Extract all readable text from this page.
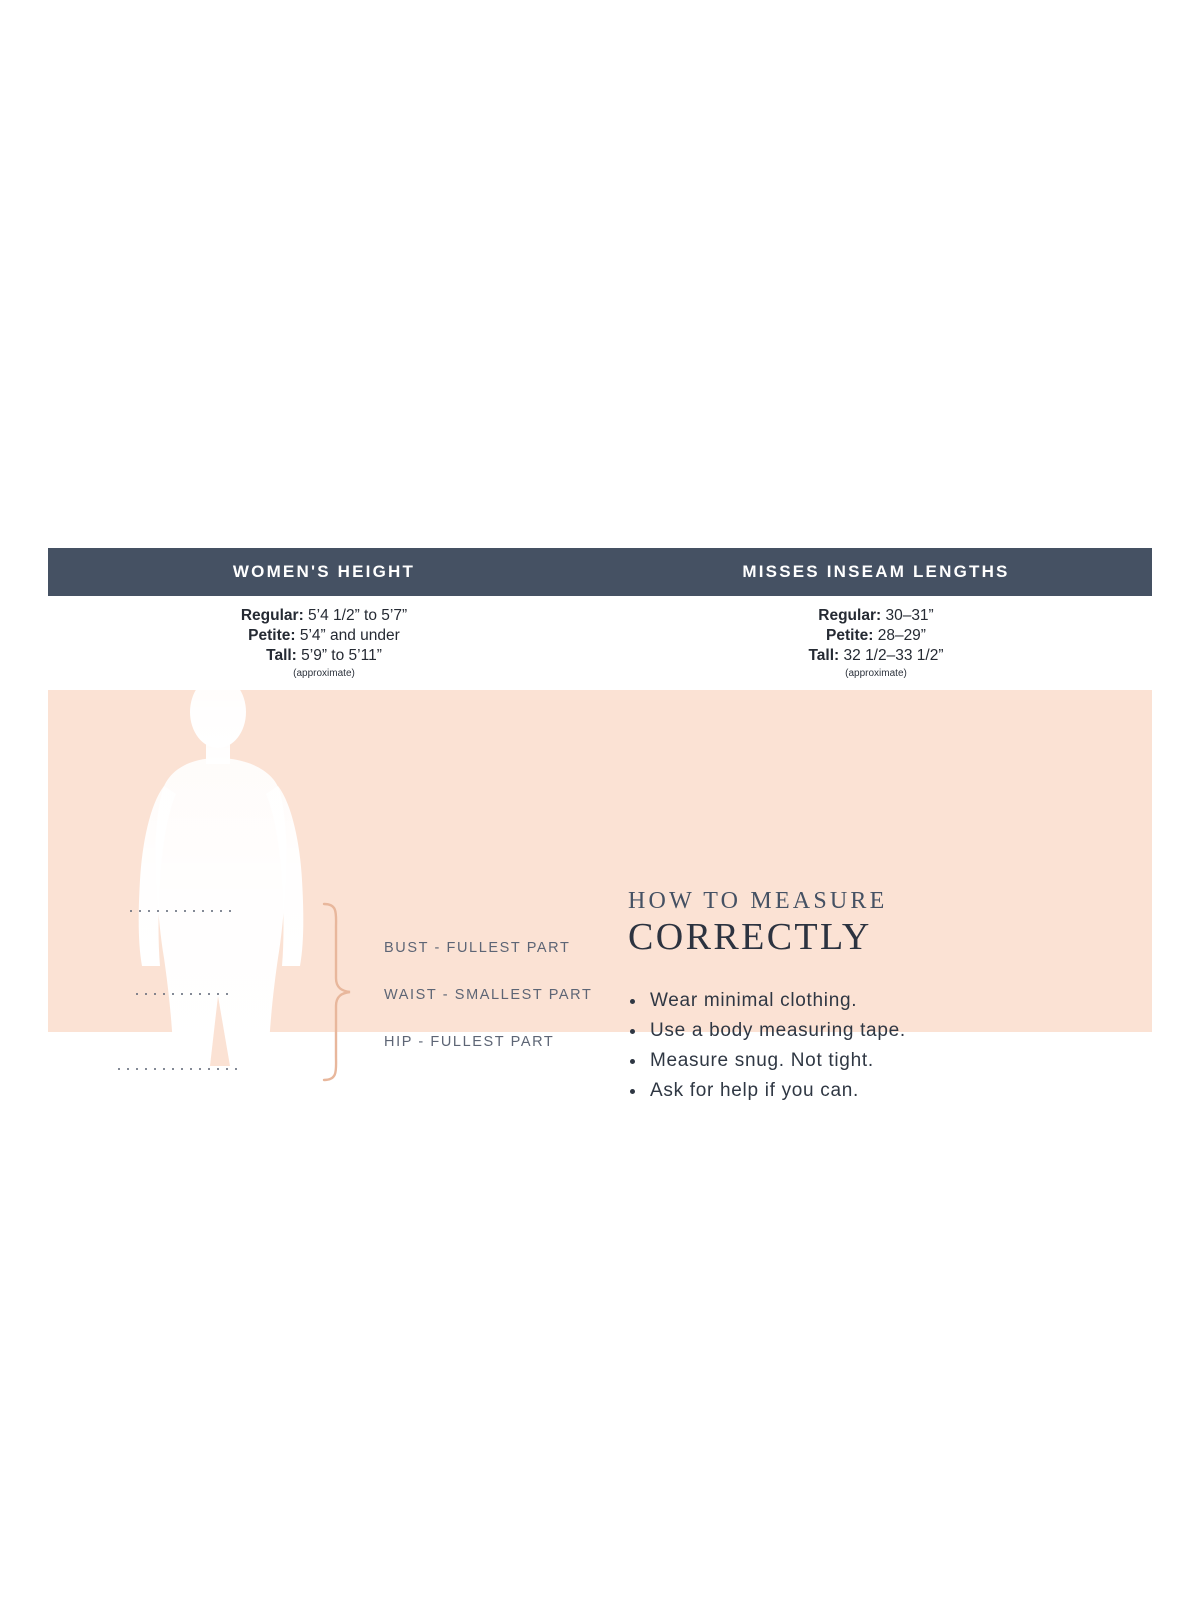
WOMEN'S HEIGHT	MISSES INSEAM LENGTHS
Regular: 5’4 1/2” to 5’7”
Petite: 5’4” and under
Tall: 5’9” to 5’11”
(approximate)
Regular: 30–31”
Petite: 28–29”
Tall: 32 1/2–33 1/2”
(approximate)
BUST - FULLEST PART
WAIST - SMALLEST PART
HIP - FULLEST PART
HOW TO MEASURE
CORRECTLY
Wear minimal clothing.
Use a body measuring tape.
Measure snug. Not tight.
Ask for help if you can.
